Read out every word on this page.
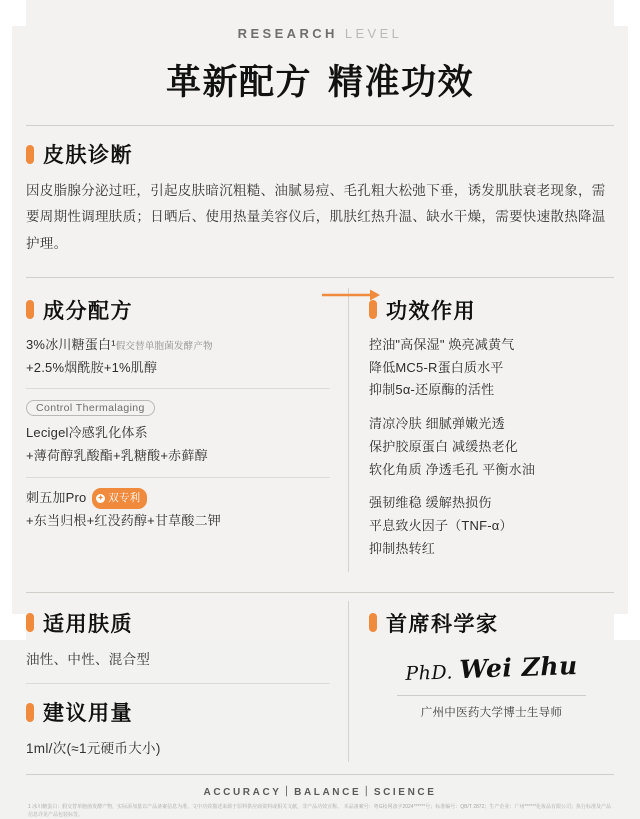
RESEARCH LEVEL
革新配方 精准功效
皮肤诊断
因皮脂腺分泌过旺，引起皮肤暗沉粗糙、油腻易痘、毛孔粗大松弛下垂，诱发肌肤衰老现象，需要周期性调理肤质；日晒后、使用热量美容仪后，肌肤红热升温、缺水干燥，需要快速散热降温护理。
成分配方
3%冰川糖蛋白¹假交替单胞菌发酵产物
+2.5%烟酰胺+1%肌醇
Control Thermalaging
Lecigel冷感乳化体系
+薄荷醇乳酸酯+乳糖酸+赤藓醇
刺五加Pro ✦ 双专利
+东当归根+红没药醇+甘草酸二钾
功效作用
控油"高保湿" 焕亮减黄气
降低MC5-R蛋白质水平
抑制5α-还原酶的活性
清凉冷肤 细腻弹嫩光透
保护胶原蛋白 减缓热老化
软化角质 净透毛孔 平衡水油
强韧维稳 缓解热损伤
平息致火因子（TNF-α）
抑制热转红
适用肤质
油性、中性、混合型
建议用量
1ml/次(≈1元硬币大小)
首席科学家
PhD. Wei Zhu
广州中医药大学博士生导师
ACCURACY｜BALANCE｜SCIENCE
1 冰川糖蛋白：假交替单胞菌发酵产物，实际添加量以产品备案信息为准。文中功效描述来源于原料供应商资料或相关文献，非产品功效宣称。 本品备案号：粤G妆网备字2024******号；标准编号：QB/T 2872；生产企业：广州******化妆品有限公司；执行标准及产品信息详见产品包装标签。
